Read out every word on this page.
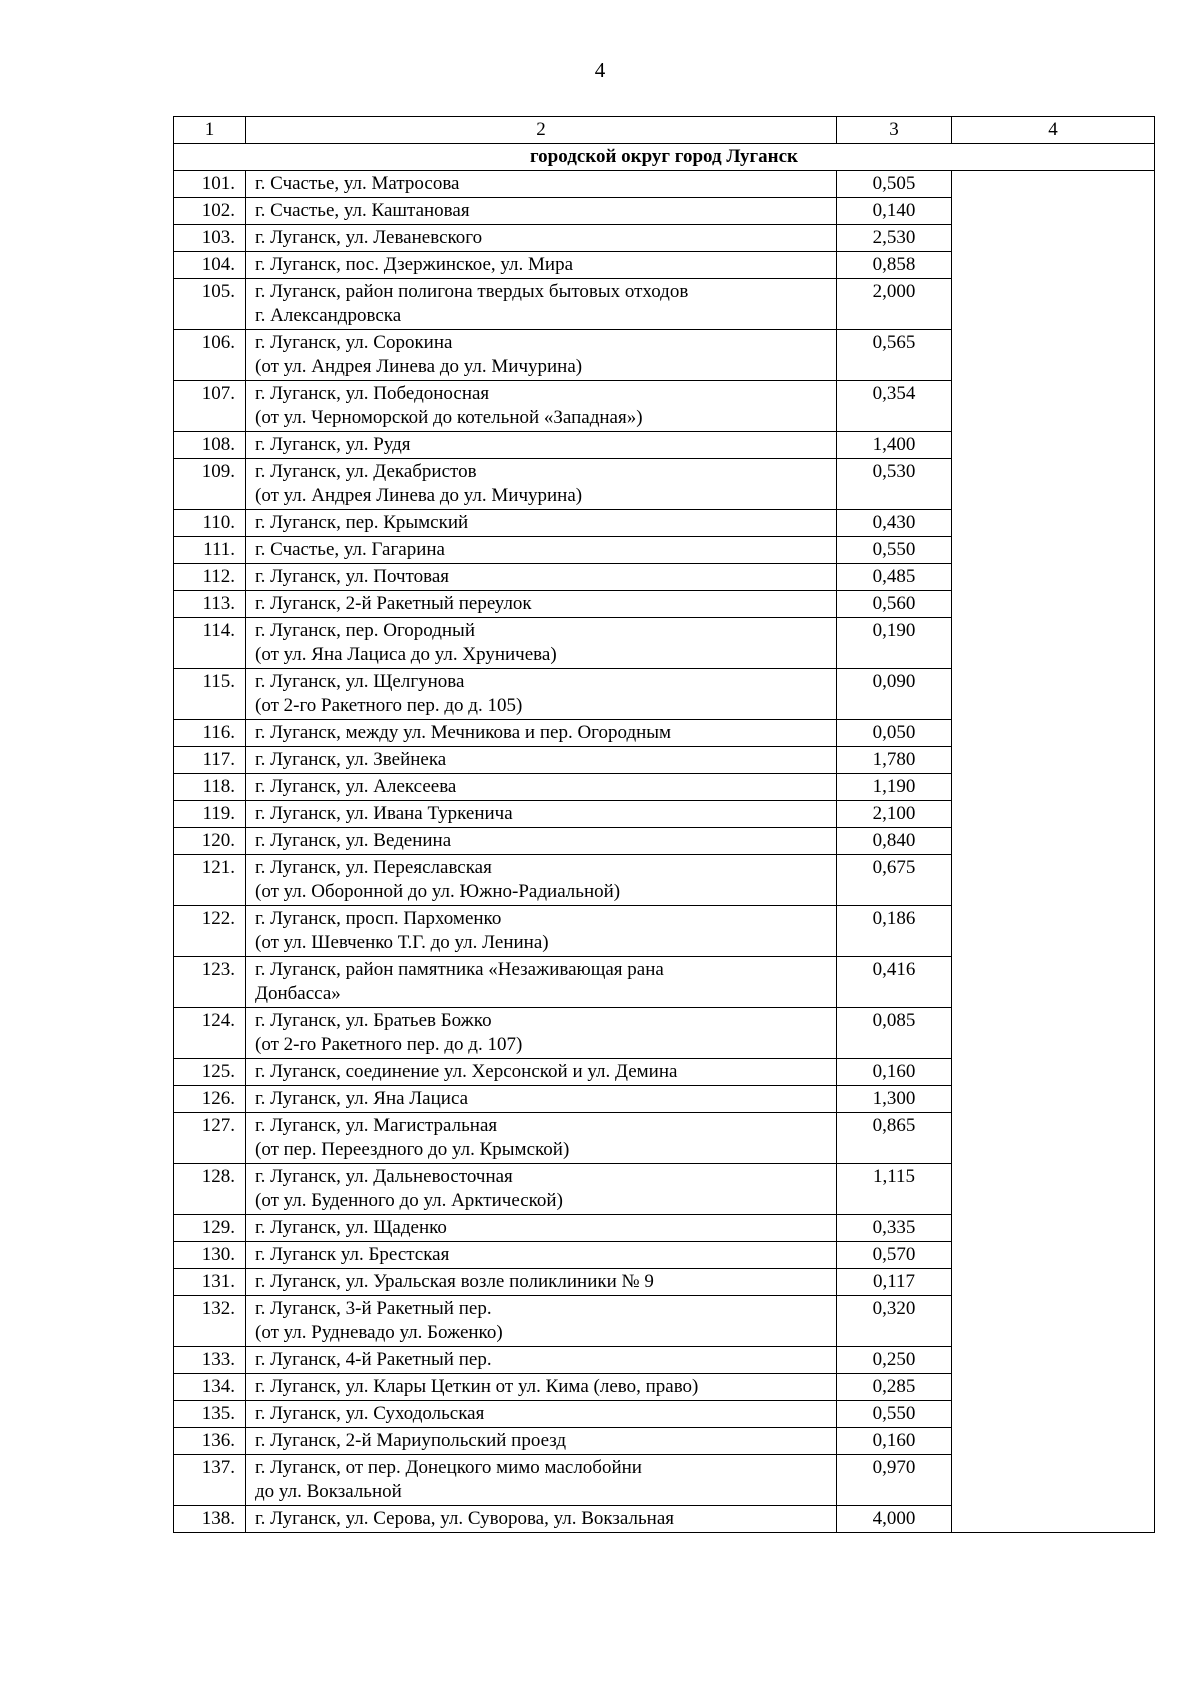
4
1	2	3	4
городской округ город Луганск			
101.	г. Счастье, ул. Матросова	0,505	
102.	г. Счастье, ул. Каштановая	0,140	
103.	г. Луганск, ул. Леваневского	2,530	
104.	г. Луганск, пос. Дзержинское, ул. Мира	0,858	
105.	г. Луганск, район полигона твердых бытовых отходов
г. Александровска	2,000	
106.	г. Луганск, ул. Сорокина
(от ул. Андрея Линева до ул. Мичурина)	0,565	
107.	г. Луганск, ул. Победоносная
(от ул. Черноморской до котельной «Западная»)	0,354	
108.	г. Луганск, ул. Рудя	1,400	
109.	г. Луганск, ул. Декабристов
(от ул. Андрея Линева до ул. Мичурина)	0,530	
110.	г. Луганск, пер. Крымский	0,430	
111.	г. Счастье, ул. Гагарина	0,550	
112.	г. Луганск, ул. Почтовая	0,485	
113.	г. Луганск, 2-й Ракетный переулок	0,560	
114.	г. Луганск, пер. Огородный
(от ул. Яна Лациса до ул. Хруничева)	0,190	
115.	г. Луганск, ул. Щелгунова
(от 2-го Ракетного пер. до д. 105)	0,090	
116.	г. Луганск, между ул. Мечникова и пер. Огородным	0,050	
117.	г. Луганск, ул. Звейнека	1,780	
118.	г. Луганск, ул. Алексеева	1,190	
119.	г. Луганск, ул. Ивана Туркенича	2,100	
120.	г. Луганск, ул. Веденина	0,840	
121.	г. Луганск, ул. Переяславская
(от ул. Оборонной до ул. Южно-Радиальной)	0,675	
122.	г. Луганск, просп. Пархоменко
(от ул. Шевченко Т.Г. до ул. Ленина)	0,186	
123.	г. Луганск, район памятника «Незаживающая рана
Донбасса»	0,416	
124.	г. Луганск, ул. Братьев Божко
(от 2-го Ракетного пер. до д. 107)	0,085	
125.	г. Луганск, соединение ул. Херсонской и ул. Демина	0,160	
126.	г. Луганск, ул. Яна Лациса	1,300	
127.	г. Луганск, ул. Магистральная
(от пер. Переездного до ул. Крымской)	0,865	
128.	г. Луганск, ул. Дальневосточная
(от ул. Буденного до ул. Арктической)	1,115	
129.	г. Луганск, ул. Щаденко	0,335	
130.	г. Луганск ул. Брестская	0,570	
131.	г. Луганск, ул. Уральская возле поликлиники № 9	0,117	
132.	г. Луганск, 3-й Ракетный пер.
(от ул. Рудневадо ул. Боженко)	0,320	
133.	г. Луганск, 4-й Ракетный пер.	0,250	
134.	г. Луганск, ул. Клары Цеткин от ул. Кима (лево, право)	0,285	
135.	г. Луганск, ул. Суходольская	0,550	
136.	г. Луганск, 2-й Мариупольский проезд	0,160	
137.	г. Луганск, от пер. Донецкого мимо маслобойни
до ул. Вокзальной	0,970	
138.	г. Луганск, ул. Серова, ул. Суворова, ул. Вокзальная	4,000	
